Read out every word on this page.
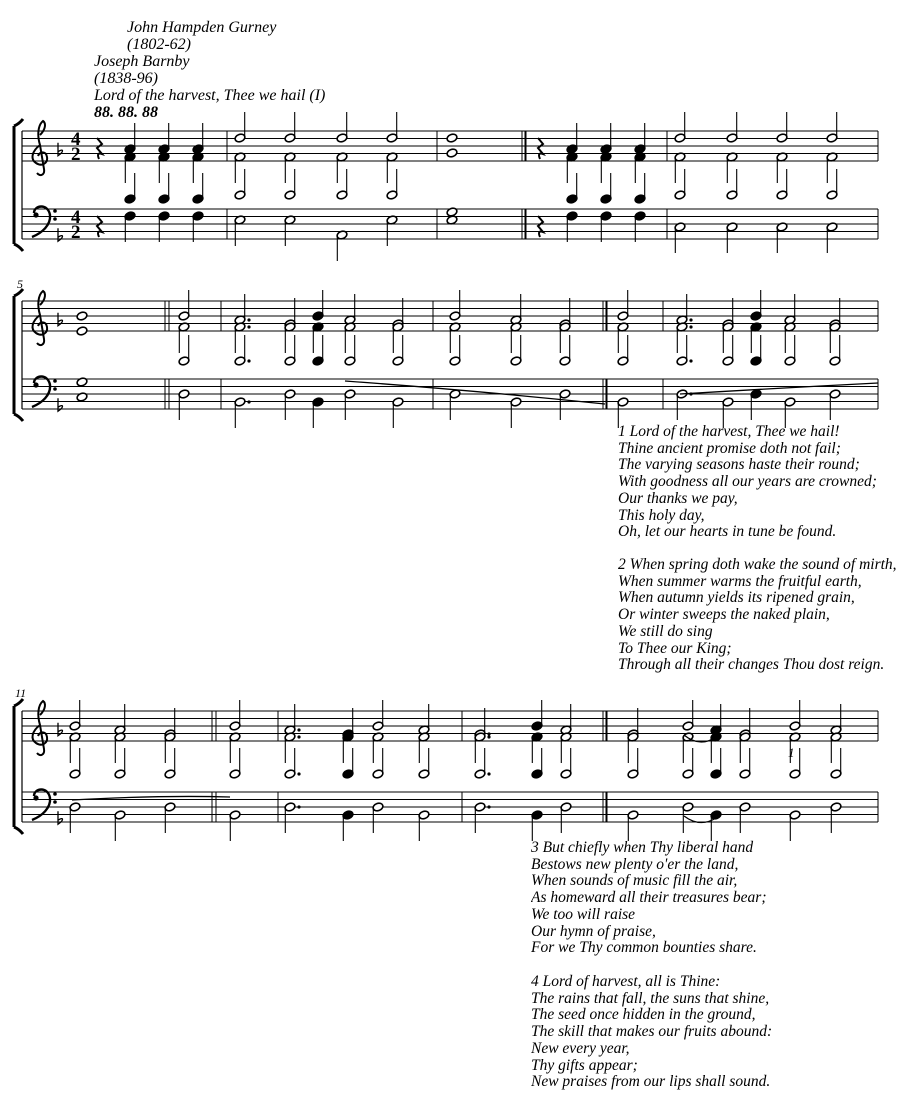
John Hampden Gurney
(1802-62)
Joseph Barnby
(1838-96)
Lord of the harvest, Thee we hail (I)
88. 88. 88
5
11
4
2
4
2
1
1 Lord of the harvest, Thee we hail!
Thine ancient promise doth not fail;
The varying seasons haste their round;
With goodness all our years are crowned;
Our thanks we pay,
This holy day,
Oh, let our hearts in tune be found.
2 When spring doth wake the sound of mirth,
When summer warms the fruitful earth,
When autumn yields its ripened grain,
Or winter sweeps the naked plain,
We still do sing
To Thee our King;
Through all their changes Thou dost reign.
3 But chiefly when Thy liberal hand
Bestows new plenty o'er the land,
When sounds of music fill the air,
As homeward all their treasures bear;
We too will raise
Our hymn of praise,
For we Thy common bounties share.
4 Lord of harvest, all is Thine:
The rains that fall, the suns that shine,
The seed once hidden in the ground,
The skill that makes our fruits abound:
New every year,
Thy gifts appear;
New praises from our lips shall sound.
